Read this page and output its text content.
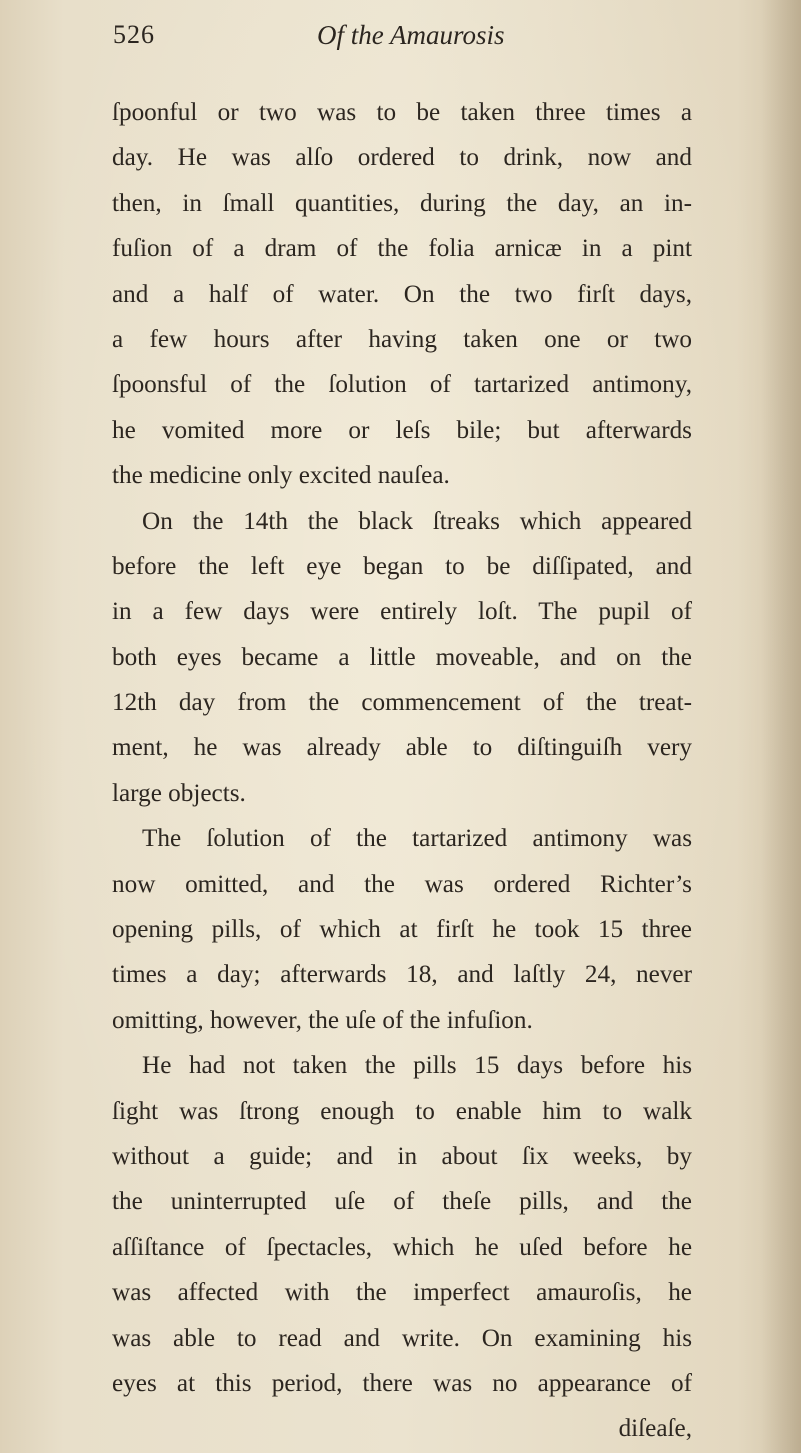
526	Of the Amaurosis
ſpoonful or two was to be taken three times a
day. He was alſo ordered to drink, now and
then, in ſmall quantities, during the day, an in-
fuſion of a dram of the folia arnicæ in a pint
and a half of water. On the two firſt days,
a few hours after having taken one or two
ſpoonsful of the ſolution of tartarized antimony,
he vomited more or leſs bile; but afterwards
the medicine only excited nauſea.
On the 14th the black ſtreaks which appeared
before the left eye began to be diſſipated, and
in a few days were entirely loſt. The pupil of
both eyes became a little moveable, and on the
12th day from the commencement of the treat-
ment, he was already able to diſtinguiſh very
large objects.
The ſolution of the tartarized antimony was
now omitted, and the was ordered Richter’s
opening pills, of which at firſt he took 15 three
times a day; afterwards 18, and laſtly 24, never
omitting, however, the uſe of the infuſion.
He had not taken the pills 15 days before his
ſight was ſtrong enough to enable him to walk
without a guide; and in about ſix weeks, by
the uninterrupted uſe of theſe pills, and the
aſſiſtance of ſpectacles, which he uſed before he
was affected with the imperfect amauroſis, he
was able to read and write. On examining his
eyes at this period, there was no appearance of
diſeaſe,
